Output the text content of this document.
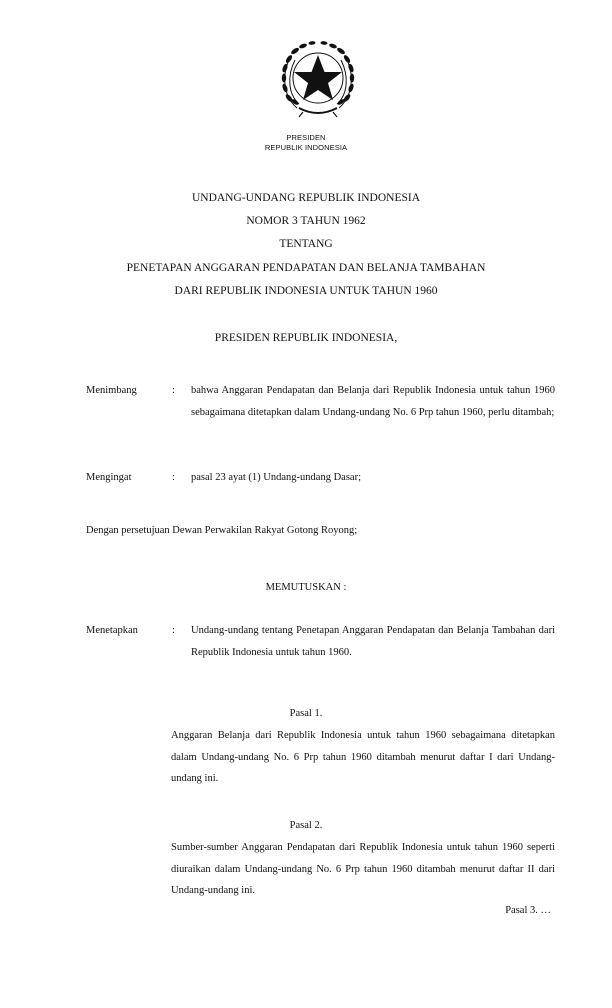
PRESIDEN
REPUBLIK INDONESIA
UNDANG-UNDANG REPUBLIK INDONESIA
NOMOR 3 TAHUN 1962
TENTANG
PENETAPAN ANGGARAN PENDAPATAN DAN BELANJA TAMBAHAN
DARI REPUBLIK INDONESIA UNTUK TAHUN 1960
PRESIDEN REPUBLIK INDONESIA,
Menimbang	: bahwa Anggaran Pendapatan dan Belanja dari Republik Indonesia untuk tahun 1960 sebagaimana ditetapkan dalam Undang-undang No. 6 Prp tahun 1960, perlu ditambah;
Mengingat	: pasal 23 ayat (1) Undang-undang Dasar;
Dengan persetujuan Dewan Perwakilan Rakyat Gotong Royong;
MEMUTUSKAN :
Menetapkan	: Undang-undang tentang Penetapan Anggaran Pendapatan dan Belanja Tambahan dari Republik Indonesia untuk tahun 1960.
Pasal 1.
Anggaran Belanja dari Republik Indonesia untuk tahun 1960 sebagaimana ditetapkan dalam Undang-undang No. 6 Prp tahun 1960 ditambah menurut daftar I dari Undang-undang ini.
Pasal 2.
Sumber-sumber Anggaran Pendapatan dari Republik Indonesia untuk tahun 1960 seperti diuraikan dalam Undang-undang No. 6 Prp tahun 1960 ditambah menurut daftar II dari Undang-undang ini.
Pasal 3. …
